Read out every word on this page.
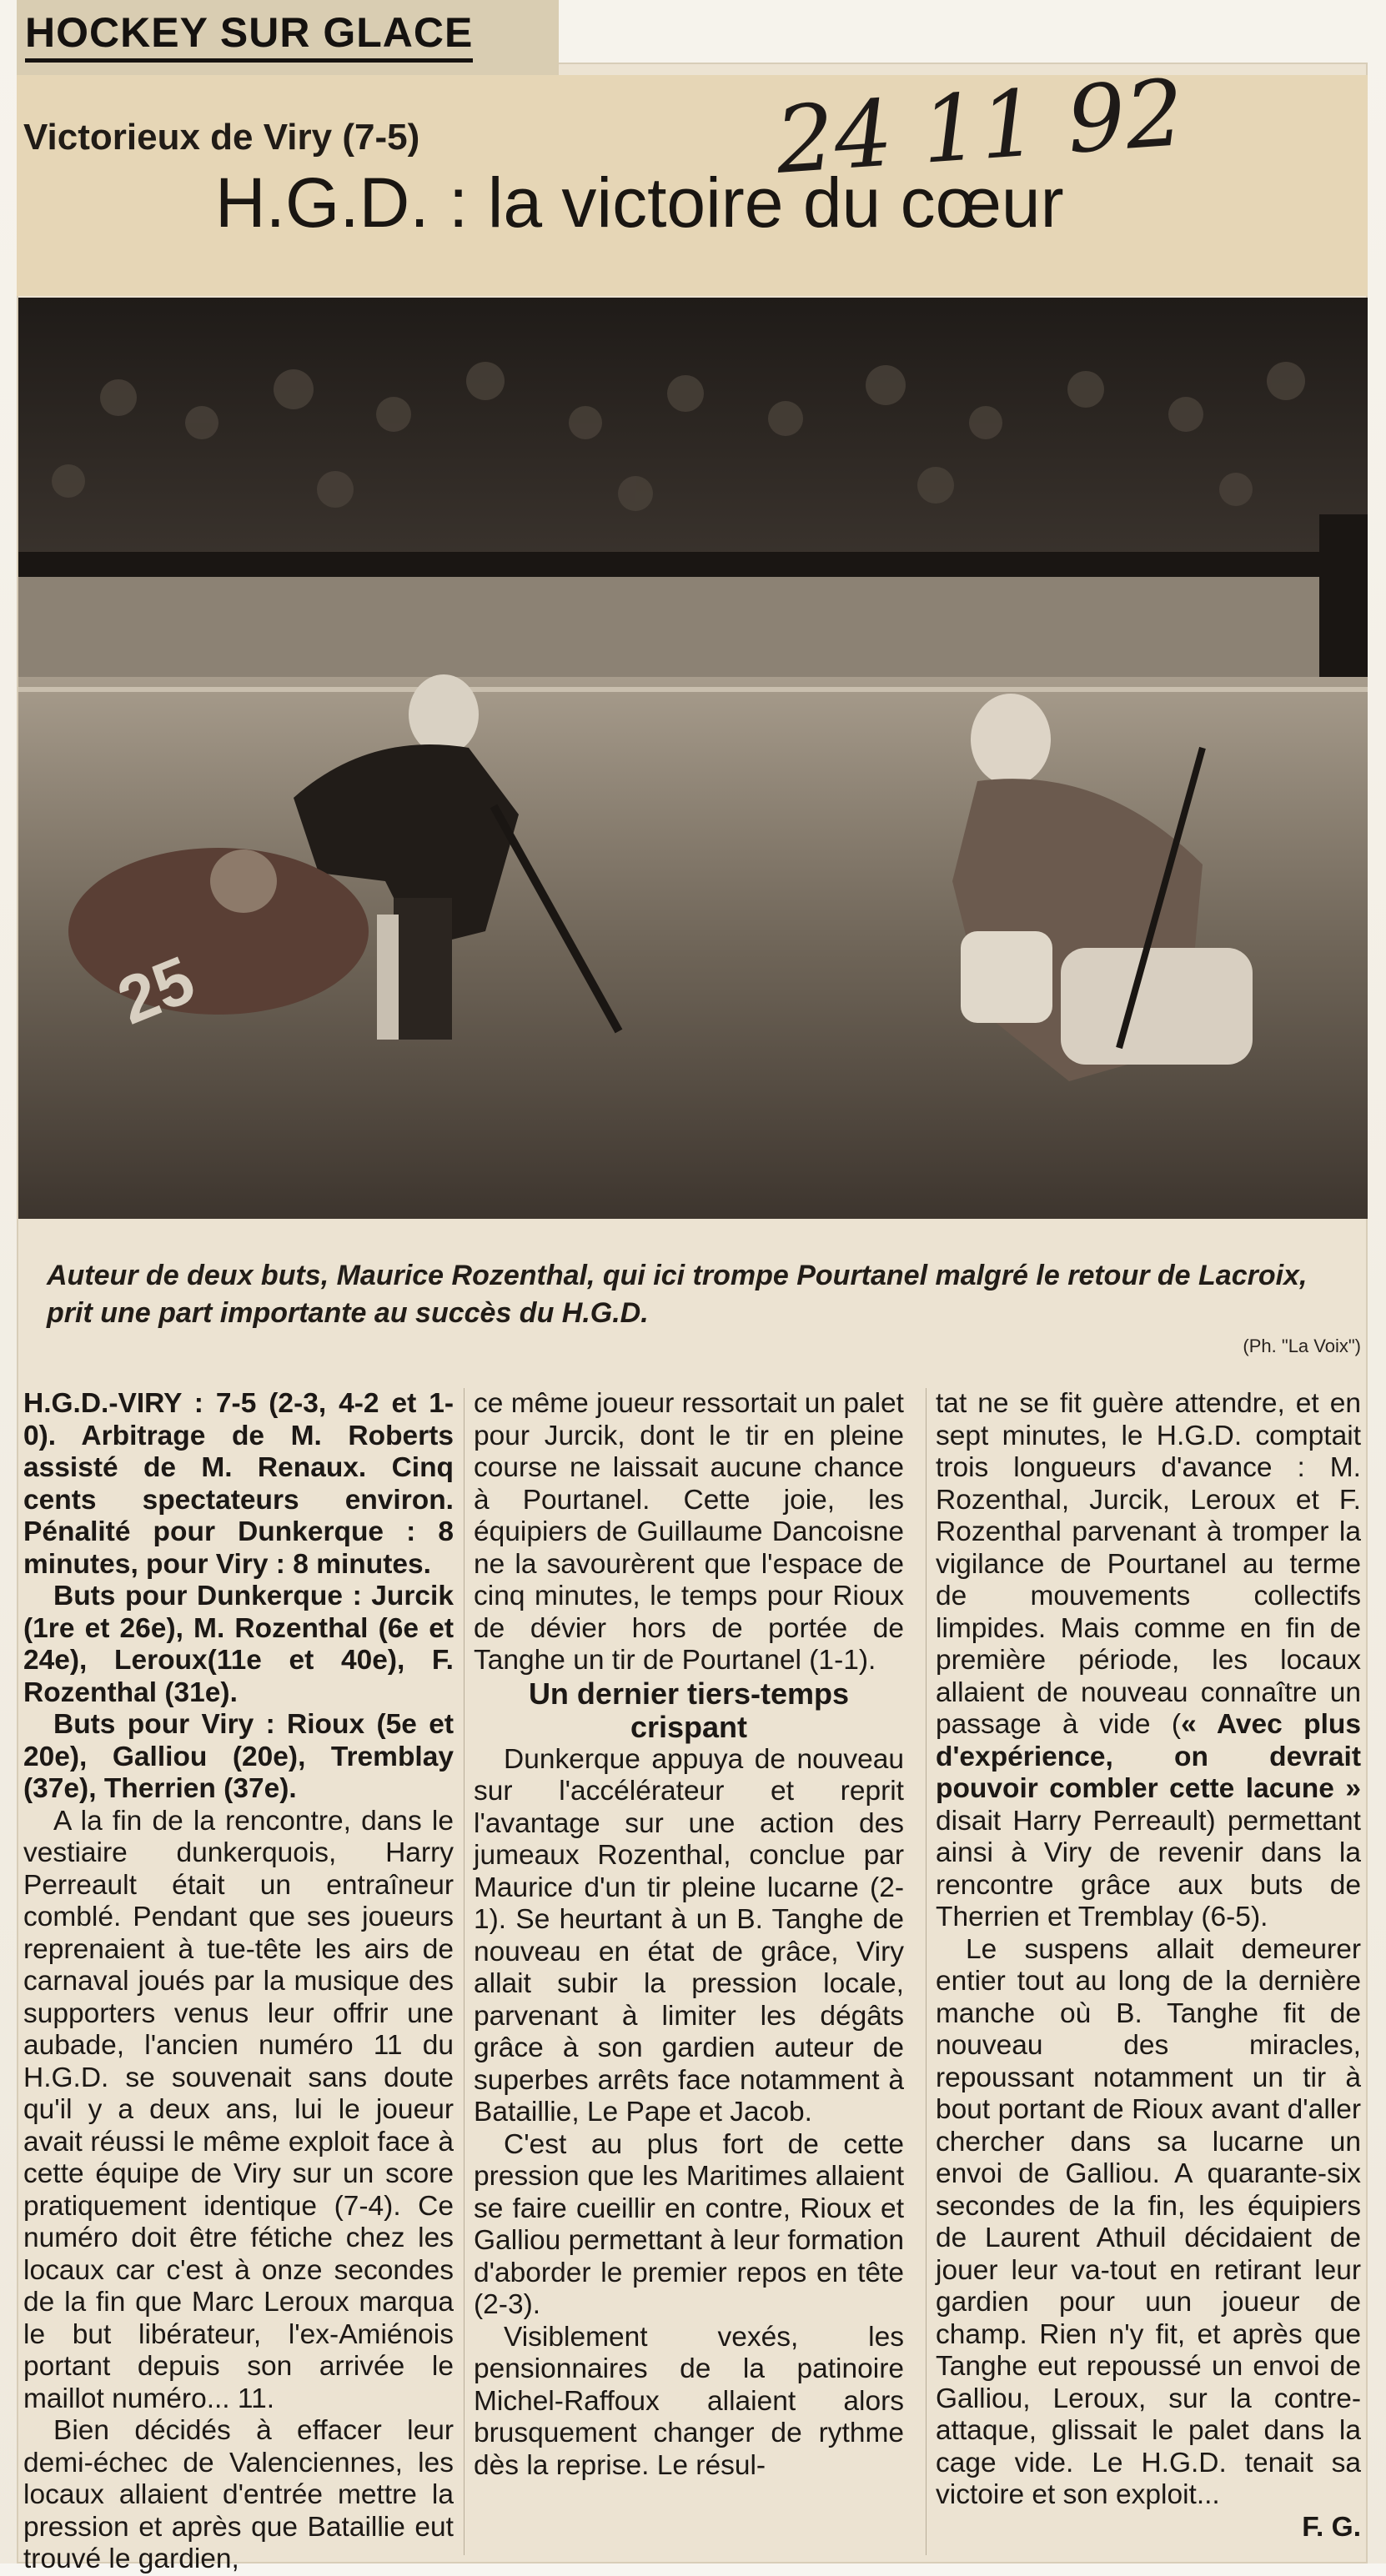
HOCKEY SUR GLACE
24 11 92
Victorieux de Viry (7-5)
H.G.D. : la victoire du cœur
25
Auteur de deux buts, Maurice Rozenthal, qui ici trompe Pourtanel malgré le retour de Lacroix, prit une part importante au succès du H.G.D.
(Ph. "La Voix")

H.G.D.-VIRY : 7-5 (2-3, 4-2 et 1-0). Arbitrage de M. Roberts assisté de M. Renaux. Cinq cents spectateurs environ. Pénalité pour Dunkerque : 8 minutes, pour Viry : 8 minutes.

Buts pour Dunkerque : Jurcik (1re et 26e), M. Rozenthal (6e et 24e), Leroux(11e et 40e), F. Rozenthal (31e).

Buts pour Viry : Rioux (5e et 20e), Galliou (20e), Tremblay (37e), Therrien (37e).

A la fin de la rencontre, dans le vestiaire dunkerquois, Harry Perreault était un entraîneur comblé. Pendant que ses joueurs reprenaient à tue-tête les airs de carnaval joués par la musique des supporters venus leur offrir une aubade, l'ancien numéro 11 du H.G.D. se souvenait sans doute qu'il y a deux ans, lui le joueur avait réussi le même exploit face à cette équipe de Viry sur un score pratiquement identique (7-4). Ce numéro doit être fétiche chez les locaux car c'est à onze secondes de la fin que Marc Leroux marqua le but libérateur, l'ex-Amiénois portant depuis son arrivée le maillot numéro... 11.

Bien décidés à effacer leur demi-échec de Valenciennes, les locaux allaient d'entrée mettre la pression et après que Bataillie eut trouvé le gardien,

ce même joueur ressortait un palet pour Jurcik, dont le tir en pleine course ne laissait aucune chance à Pourtanel. Cette joie, les équipiers de Guillaume Dancoisne ne la savourèrent que l'espace de cinq minutes, le temps pour Rioux de dévier hors de portée de Tanghe un tir de Pourtanel (1-1).

Un dernier tiers-temps crispant

Dunkerque appuya de nouveau sur l'accélérateur et reprit l'avantage sur une action des jumeaux Rozenthal, conclue par Maurice d'un tir pleine lucarne (2-1). Se heurtant à un B. Tanghe de nouveau en état de grâce, Viry allait subir la pression locale, parvenant à limiter les dégâts grâce à son gardien auteur de superbes arrêts face notamment à Bataillie, Le Pape et Jacob.

C'est au plus fort de cette pression que les Maritimes allaient se faire cueillir en contre, Rioux et Galliou permettant à leur formation d'aborder le premier repos en tête (2-3).

Visiblement vexés, les pensionnaires de la patinoire Michel-Raffoux allaient alors brusquement changer de rythme dès la reprise. Le résul-

tat ne se fit guère attendre, et en sept minutes, le H.G.D. comptait trois longueurs d'avance : M. Rozenthal, Jurcik, Leroux et F. Rozenthal parvenant à tromper la vigilance de Pourtanel au terme de mouvements collectifs limpides. Mais comme en fin de première période, les locaux allaient de nouveau connaître un passage à vide (« Avec plus d'expérience, on devrait pouvoir combler cette lacune » disait Harry Perreault) permettant ainsi à Viry de revenir dans la rencontre grâce aux buts de Therrien et Tremblay (6-5).

Le suspens allait demeurer entier tout au long de la dernière manche où B. Tanghe fit de nouveau des miracles, repoussant notamment un tir à bout portant de Rioux avant d'aller chercher dans sa lucarne un envoi de Galliou. A quarante-six secondes de la fin, les équipiers de Laurent Athuil décidaient de jouer leur va-tout en retirant leur gardien pour uun joueur de champ. Rien n'y fit, et après que Tanghe eut repoussé un envoi de Galliou, Leroux, sur la contre-attaque, glissait le palet dans la cage vide. Le H.G.D. tenait sa victoire et son exploit...

F. G.
